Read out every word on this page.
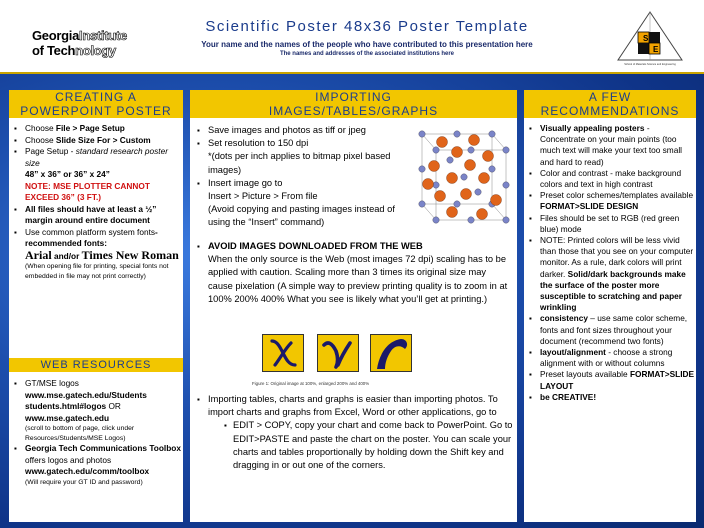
GeorgiaInstitute
of Technology
Scientific Poster 48x36 Poster Template
Your name and the names of the people who have contributed to this presentation here
The names and addresses of the associated institutions here
S
E
School of Materials Science and Engineering
CREATING A
POWERPOINT POSTER
▪ Choose File > Page Setup
▪ Choose Slide Size For > Custom
▪ Page Setup - standard research poster size
48” x 36” or 36” x 24”
NOTE: MSE PLOTTER CANNOT EXCEED 36” (3 FT.)
▪ All files should have at least a ½” margin around entire document
▪ Use common platform system fonts- recommended fonts:
Arial and/or Times New Roman
(When opening file for printing, special fonts not embedded in file may not print correctly)
WEB RESOURCES
▪ GT/MSE logos
www.mse.gatech.edu/Students
students.html#logos OR
www.mse.gatech.edu
(scroll to bottom of page, click under Resources/Students/MSE Logos)
▪ Georgia Tech Communications Toolbox offers logos and photos
www.gatech.edu/comm/toolbox
(Will require your GT ID and password)
IMPORTING
IMAGES/TABLES/GRAPHS
▪ Save images and photos as tiff or jpeg
▪ Set resolution to 150 dpi
*(dots per inch applies to bitmap pixel based images)
▪ Insert image go to
Insert > Picture > From file
(Avoid copying and pasting images instead of using the “Insert” command)
▪ AVOID IMAGES DOWNLOADED FROM THE WEB
When the only source is the Web (most images 72 dpi) scaling has to be applied with caution. Scaling more than 3 times its original size may cause pixelation (A simple way to preview printing quality is to zoom in at 100% 200% 400% What you see is likely what you’ll get at printing.)
Figure 1: Original image at 100%, enlarged 200% and 400%
▪ Importing tables, charts and graphs is easier than importing photos. To import charts and graphs from Excel, Word or other applications, go to
▪ EDIT > COPY, copy your chart and come back to PowerPoint. Go to EDIT>PASTE and paste the chart on the poster. You can scale your charts and tables proportionally by holding down the Shift key and dragging in or out one of the corners.
A FEW
RECOMMENDATIONS
▪ Visually appealing posters - Concentrate on your main points (too much text will make your text too small and hard to read)
▪ Color and contrast - make background colors and text in high contrast
▪ Preset color schemes/templates available FORMAT>SLIDE DESIGN
▪ Files should be set to RGB (red green blue) mode
▪ NOTE: Printed colors will be less vivid than those that you see on your computer monitor. As a rule, dark colors will print darker. Solid/dark backgrounds make the surface of the poster more susceptible to scratching and paper wrinkling
▪ consistency – use same color scheme, fonts and font sizes throughout your document (recommend two fonts)
▪ layout/alignment - choose a strong alignment with or without columns
▪ Preset layouts available FORMAT>SLIDE LAYOUT
▪ be CREATIVE!
